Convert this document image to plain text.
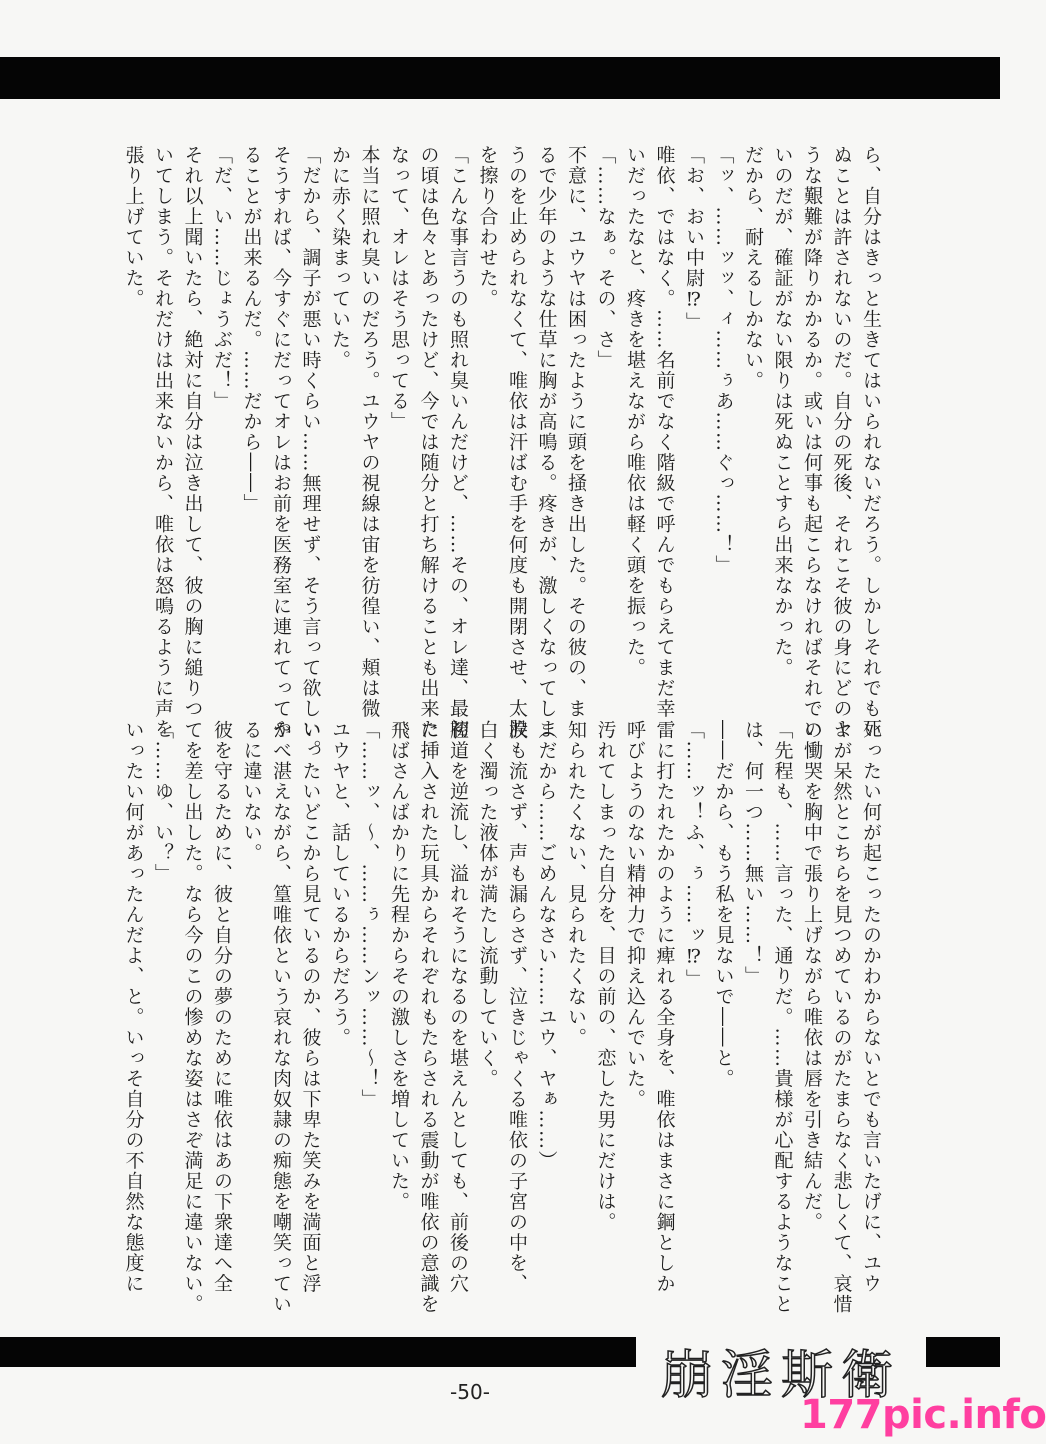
ら、自分はきっと生きてはいられないだろう。しかしそれでも死

ぬことは許されないのだ。自分の死後、それこそ彼の身にどのよ

うな艱難が降りかかるか。或いは何事も起こらなければそれでい

いのだが、確証がない限りは死ぬことすら出来なかった。

だから、耐えるしかない。

「ッ、……ッッ、ィ……ぅあ……ぐっ……！」

「お、おい中尉⁉」

唯依、ではなく。……名前でなく階級で呼んでもらえてまだ幸

いだったなと、疼きを堪えながら唯依は軽く頭を振った。

「……なぁ。その、さ」

不意に、ユウヤは困ったように頭を掻き出した。その彼の、ま

るで少年のような仕草に胸が高鳴る。疼きが、激しくなってしま

うのを止められなくて、唯依は汗ばむ手を何度も開閉させ、太股

を擦り合わせた。

「こんな事言うのも照れ臭いんだけど、……その、オレ達、最初

の頃は色々とあったけど、今では随分と打ち解けることも出来た

なって、オレはそう思ってる」

本当に照れ臭いのだろう。ユウヤの視線は宙を彷徨い、頬は微

かに赤く染まっていた。

「だから、調子が悪い時くらい……無理せず、そう言って欲しい。

そうすれば、今すぐにだってオレはお前を医務室に連れてってや

ることが出来るんだ。……だから――」

「だ、い……じょうぶだ！」

それ以上聞いたら、絶対に自分は泣き出して、彼の胸に縋りつ

いてしまう。それだけは出来ないから、唯依は怒鳴るように声を

張り上げていた。

いったい何が起こったのかわからないとでも言いたげに、ユウ

ヤが呆然とこちらを見つめているのがたまらなく悲しくて、哀惜

の慟哭を胸中で張り上げながら唯依は唇を引き結んだ。

「先程も、……言った、通りだ。……貴様が心配するようなこと

は、何一つ……無い……！」

――だから、もう私を見ないで――と。

「……ッ！ふ、ぅ……ッ⁉」

雷に打たれたかのように痺れる全身を、唯依はまさに鋼としか

呼びようのない精神力で抑え込んでいた。

汚れてしまった自分を、目の前の、恋した男にだけは。

知られたくない、見られたくない。

（だから……ごめんなさい……ユウ、ヤぁ……）

涙も流さず、声も漏らさず、泣きじゃくる唯依の子宮の中を、

白く濁った液体が満たし流動していく。

膣道を逆流し、溢れそうになるのを堪えんとしても、前後の穴

に挿入された玩具からそれぞれもたらされる震動が唯依の意識を

飛ばさんばかりに先程からその激しさを増していた。

「……ッ、～、……ぅ……ンッ……～！」

ユウヤと、話しているからだろう。

いったいどこから見ているのか、彼らは下卑た笑みを満面と浮

かべ湛えながら、篁唯依という哀れな肉奴隷の痴態を嘲笑ってい

るに違いない。

彼を守るために、彼と自分の夢のために唯依はあの下衆達へ全

てを差し出した。なら今のこの惨めな姿はさぞ満足に違いない。

「……ゆ、い？」

いったい何があったんだよ、と。いっそ自分の不自然な態度に

崩淫斯衛
-50-	177pic.info
